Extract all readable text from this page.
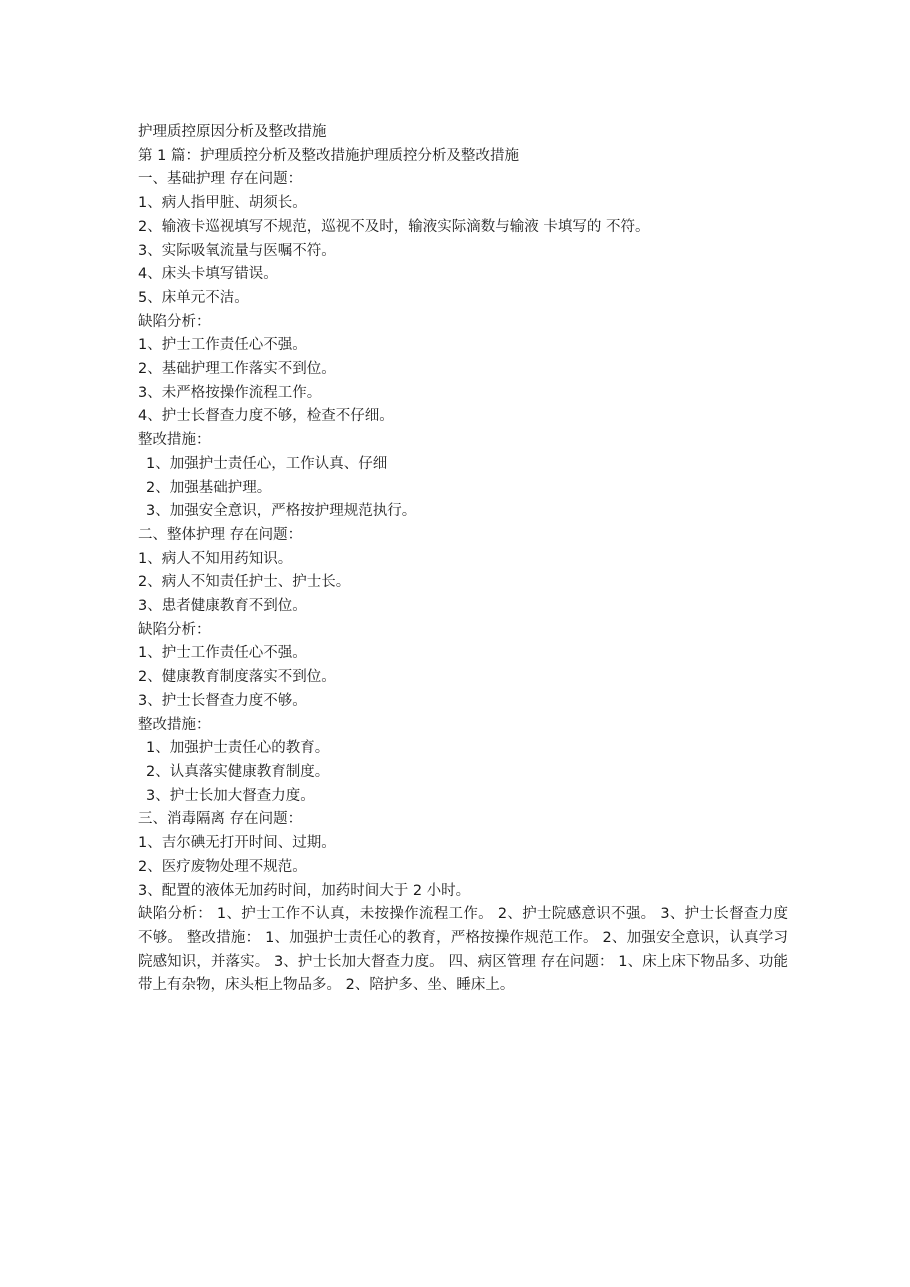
护理质控原因分析及整改措施
第 1 篇：护理质控分析及整改措施护理质控分析及整改措施
一、基础护理 存在问题：
1、病人指甲脏、胡须长。
2、输液卡巡视填写不规范，巡视不及时，输液实际滴数与输液 卡填写的 不符。
3、实际吸氧流量与医嘱不符。
4、床头卡填写错误。
5、床单元不洁。
缺陷分析：
1、护士工作责任心不强。
2、基础护理工作落实不到位。
3、未严格按操作流程工作。
4、护士长督查力度不够，检查不仔细。
整改措施：
1、加强护士责任心，工作认真、仔细
2、加强基础护理。
3、加强安全意识，严格按护理规范执行。
二、整体护理 存在问题：
1、病人不知用药知识。
2、病人不知责任护士、护士长。
3、患者健康教育不到位。
缺陷分析：
1、护士工作责任心不强。
2、健康教育制度落实不到位。
3、护士长督查力度不够。
整改措施：
1、加强护士责任心的教育。
2、认真落实健康教育制度。
3、护士长加大督查力度。
三、消毒隔离 存在问题：
1、吉尔碘无打开时间、过期。
2、医疗废物处理不规范。
3、配置的液体无加药时间，加药时间大于 2 小时。
缺陷分析： 1、护士工作不认真，未按操作流程工作。 2、护士院感意识不强。 3、护士长督查力度不够。 整改措施： 1、加强护士责任心的教育，严格按操作规范工作。 2、加强安全意识，认真学习院感知识，并落实。 3、护士长加大督查力度。 四、病区管理 存在问题： 1、床上床下物品多、功能带上有杂物，床头柜上物品多。 2、陪护多、坐、睡床上。
